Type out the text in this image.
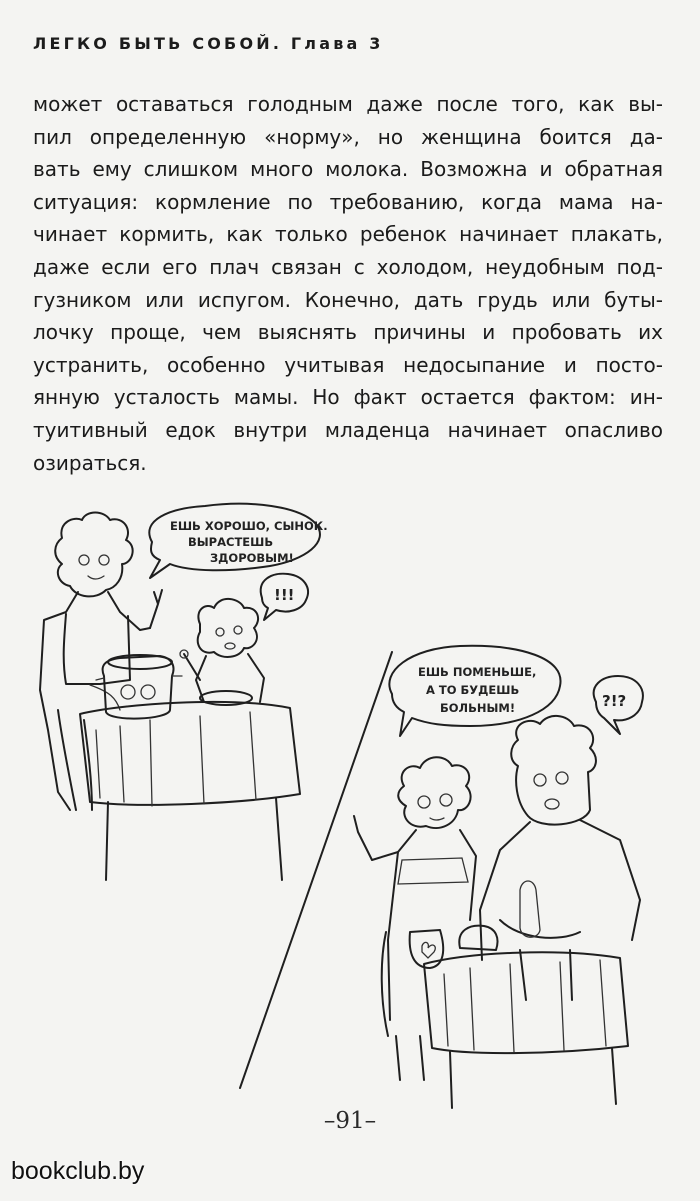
ЛЕГКО БЫТЬ СОБОЙ. Глава 3

может оставаться голодным даже после того, как вы-

пил определенную «норму», но женщина боится да-

вать ему слишком много молока. Возможна и обратная

ситуация: кормление по требованию, когда мама на-

чинает кормить, как только ребенок начинает плакать,

даже если его плач связан с холодом, неудобным под-

гузником или испугом. Конечно, дать грудь или буты-

лочку проще, чем выяснять причины и пробовать их

устранить, особенно учитывая недосыпание и посто-

янную усталость мамы. Но факт остается фактом: ин-

туитивный едок внутри младенца начинает опасливо

озираться.

ЕШЬ ХОРОШО, СЫНОК.
ВЫРАСТЕШЬ
ЗДОРОВЫМ!
!!!
ЕШЬ ПОМЕНЬШЕ,
А ТО БУДЕШЬ
БОЛЬНЫМ!	?!?
–91–
bookclub.by
